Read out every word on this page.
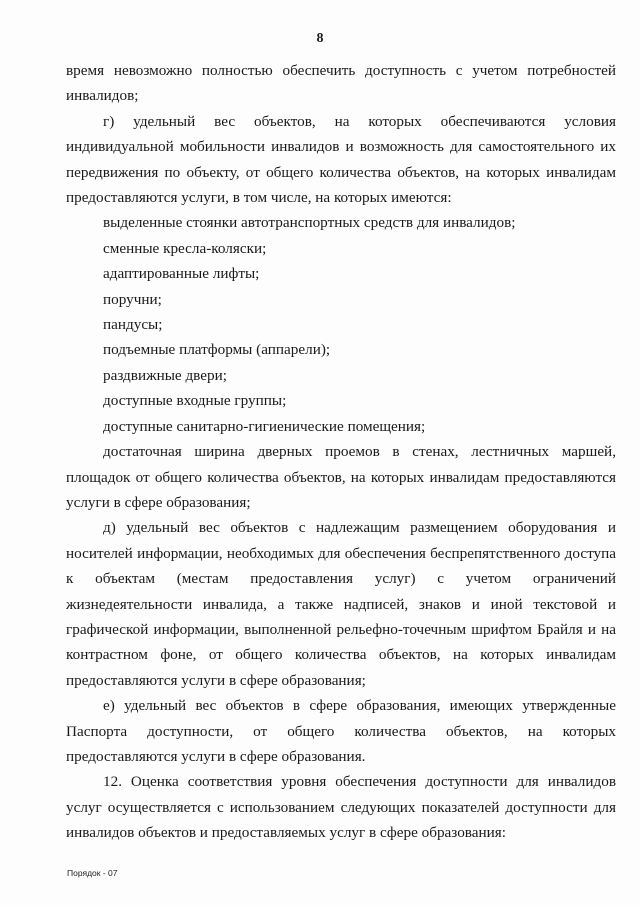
8

время невозможно полностью обеспечить доступность с учетом потребностей инвалидов;

г) удельный вес объектов, на которых обеспечиваются условия индивидуальной мобильности инвалидов и возможность для самостоятельного их передвижения по объекту, от общего количества объектов, на которых инвалидам предоставляются услуги, в том числе, на которых имеются:

выделенные стоянки автотранспортных средств для инвалидов;

сменные кресла-коляски;

адаптированные лифты;

поручни;

пандусы;

подъемные платформы (аппарели);

раздвижные двери;

доступные входные группы;

доступные санитарно-гигиенические помещения;

достаточная ширина дверных проемов в стенах, лестничных маршей, площадок от общего количества объектов, на которых инвалидам предоставляются услуги в сфере образования;

д) удельный вес объектов с надлежащим размещением оборудования и носителей информации, необходимых для обеспечения беспрепятственного доступа к объектам (местам предоставления услуг) с учетом ограничений жизнедеятельности инвалида, а также надписей, знаков и иной текстовой и графической информации, выполненной рельефно-точечным шрифтом Брайля и на контрастном фоне, от общего количества объектов, на которых инвалидам предоставляются услуги в сфере образования;

е) удельный вес объектов в сфере образования, имеющих утвержденные Паспорта доступности, от общего количества объектов, на которых предоставляются услуги в сфере образования.

12. Оценка соответствия уровня обеспечения доступности для инвалидов услуг осуществляется с использованием следующих показателей доступности для инвалидов объектов и предоставляемых услуг в сфере образования:

Порядок - 07
